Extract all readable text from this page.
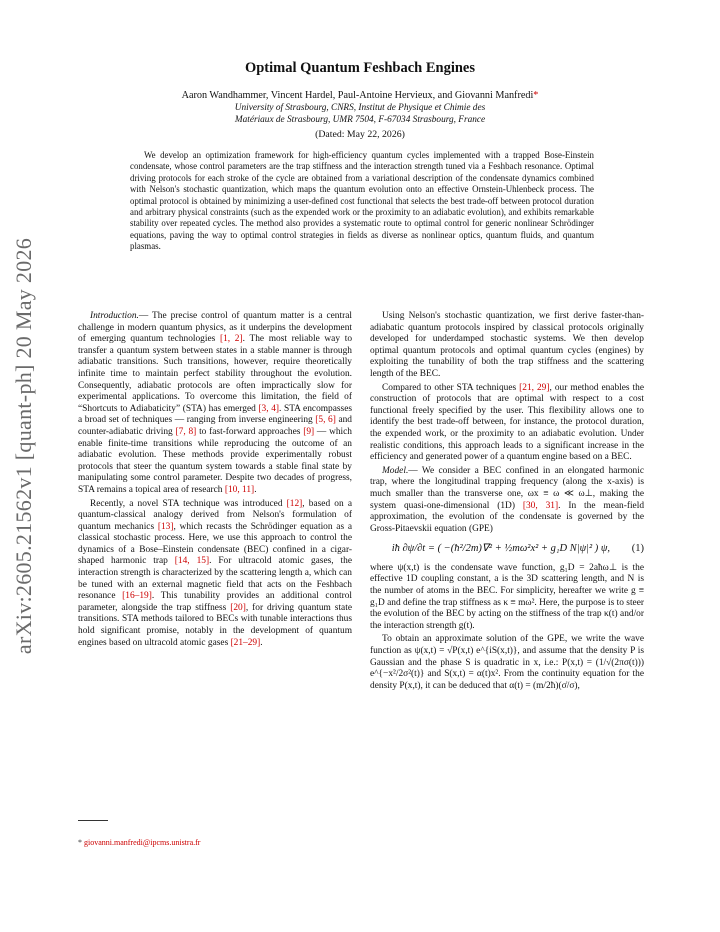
arXiv:2605.21562v1 [quant-ph] 20 May 2026
Optimal Quantum Feshbach Engines

Aaron Wandhammer, Vincent Hardel, Paul-Antoine Hervieux, and Giovanni Manfredi*

University of Strasbourg, CNRS, Institut de Physique et Chimie des

Matériaux de Strasbourg, UMR 7504, F-67034 Strasbourg, France

(Dated: May 22, 2026)

We develop an optimization framework for high-efficiency quantum cycles implemented with a trapped Bose-Einstein condensate, whose control parameters are the trap stiffness and the interaction strength tuned via a Feshbach resonance. Optimal driving protocols for each stroke of the cycle are obtained from a variational description of the condensate dynamics combined with Nelson's stochastic quantization, which maps the quantum evolution onto an effective Ornstein-Uhlenbeck process. The optimal protocol is obtained by minimizing a user-defined cost functional that selects the best trade-off between protocol duration and arbitrary physical constraints (such as the expended work or the proximity to an adiabatic evolution), and exhibits remarkable stability over repeated cycles. The method also provides a systematic route to optimal control for generic nonlinear Schrödinger equations, paving the way to optimal control strategies in fields as diverse as nonlinear optics, quantum fluids, and quantum plasmas.

Introduction.— The precise control of quantum matter is a central challenge in modern quantum physics, as it underpins the development of emerging quantum technologies [1, 2]. The most reliable way to transfer a quantum system between states in a stable manner is through adiabatic transitions. Such transitions, however, require theoretically infinite time to maintain perfect stability throughout the evolution. Consequently, adiabatic protocols are often impractically slow for experimental applications. To overcome this limitation, the field of “Shortcuts to Adiabaticity” (STA) has emerged [3, 4]. STA encompasses a broad set of techniques — ranging from inverse engineering [5, 6] and counter-adiabatic driving [7, 8] to fast-forward approaches [9] — which enable finite-time transitions while reproducing the outcome of an adiabatic evolution. These methods provide experimentally robust protocols that steer the quantum system towards a stable final state by manipulating some control parameter. Despite two decades of progress, STA remains a topical area of research [10, 11].

Recently, a novel STA technique was introduced [12], based on a quantum-classical analogy derived from Nelson's formulation of quantum mechanics [13], which recasts the Schrödinger equation as a classical stochastic process. Here, we use this approach to control the dynamics of a Bose–Einstein condensate (BEC) confined in a cigar-shaped harmonic trap [14, 15]. For ultracold atomic gases, the interaction strength is characterized by the scattering length a, which can be tuned with an external magnetic field that acts on the Feshbach resonance [16–19]. This tunability provides an additional control parameter, alongside the trap stiffness [20], for driving quantum state transitions. STA methods tailored to BECs with tunable interactions thus hold significant promise, notably in the development of quantum engines based on ultracold atomic gases [21–29].

Using Nelson's stochastic quantization, we first derive faster-than-adiabatic quantum protocols inspired by classical protocols originally developed for underdamped stochastic systems. We then develop optimal quantum protocols and optimal quantum cycles (engines) by exploiting the tunability of both the trap stiffness and the scattering length of the BEC.

Compared to other STA techniques [21, 29], our method enables the construction of protocols that are optimal with respect to a cost functional freely specified by the user. This flexibility allows one to identify the best trade-off between, for instance, the protocol duration, the expended work, or the proximity to an adiabatic evolution. Under realistic conditions, this approach leads to a significant increase in the efficiency and generated power of a quantum engine based on a BEC.

Model.— We consider a BEC confined in an elongated harmonic trap, where the longitudinal trapping frequency (along the x-axis) is much smaller than the transverse one, ωx ≡ ω ≪ ω⊥, making the system quasi-one-dimensional (1D) [30, 31]. In the mean-field approximation, the evolution of the condensate is governed by the Gross-Pitaevskii equation (GPE)

iħ ∂ψ/∂t = ( −(ħ²/2m)∇² + ½mω²x² + g₁D N|ψ|² ) ψ,	(1)

where ψ(x,t) is the condensate wave function, g₁D = 2aħω⊥ is the effective 1D coupling constant, a is the 3D scattering length, and N is the number of atoms in the BEC. For simplicity, hereafter we write g ≡ g₁D and define the trap stiffness as κ ≡ mω². Here, the purpose is to steer the evolution of the BEC by acting on the stiffness of the trap κ(t) and/or the interaction strength g(t).

To obtain an approximate solution of the GPE, we write the wave function as ψ(x,t) = √P(x,t) e^{iS(x,t)}, and assume that the density P is Gaussian and the phase S is quadratic in x, i.e.: P(x,t) = (1/√(2πσ(t))) e^{−x²/2σ²(t)} and S(x,t) = α(t)x². From the continuity equation for the density P(x,t), it can be deduced that α(t) = (m/2ħ)(σ̇/σ),

* giovanni.manfredi@ipcms.unistra.fr
